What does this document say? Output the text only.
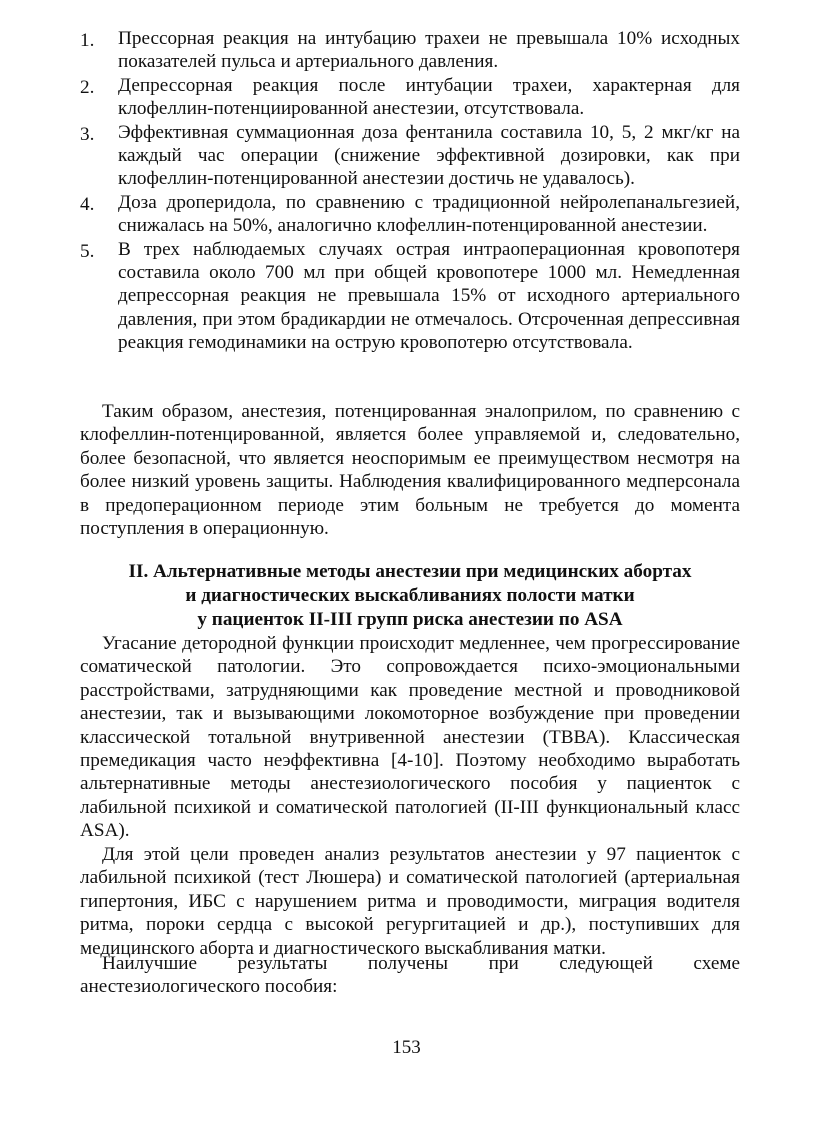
1.	Прессорная реакция на интубацию трахеи не превышала 10% исходных показателей пульса и артериального давления.
2.	Депрессорная реакция после интубации трахеи, характерная для клофеллин-потенциированной анестезии, отсутствовала.
3.	Эффективная суммационная доза фентанила составила 10, 5, 2 мкг/кг на каждый час операции (снижение эффективной дозировки, как при клофеллин-потенцированной анестезии достичь не удавалось).
4.	Доза дроперидола, по сравнению с традиционной нейролепанальгезией, снижалась на 50%, аналогично клофеллин-потенцированной анестезии.
5.	В трех наблюдаемых случаях острая интраоперационная кровопотеря составила около 700 мл при общей кровопотере 1000 мл. Немедленная депрессорная реакция не превышала 15% от исходного артериального давления, при этом брадикардии не отмечалось. Отсроченная депрессивная реакция гемодинамики на острую кровопотерю отсутствовала.

Таким образом, анестезия, потенцированная эналоприлом, по сравнению с клофеллин-потенцированной, является более управляемой и, следовательно, более безопасной, что является неоспоримым ее преимуществом несмотря на более низкий уровень защиты. Наблюдения квалифицированного медперсонала в предоперационном периоде этим больным не требуется до момента поступления в операционную.

II. Альтернативные методы анестезии при медицинских абортах
и диагностических выскабливаниях полости матки
у пациенток II-III групп риска анестезии по ASA

Угасание детородной функции происходит медленнее, чем прогрессирование соматической патологии. Это сопровождается психо-эмоциональными расстройствами, затрудняющими как проведение местной и проводниковой анестезии, так и вызывающими локомоторное возбуждение при проведении классической тотальной внутривенной анестезии (ТВВА). Классическая премедикация часто неэффективна [4-10]. Поэтому необходимо выработать альтернативные методы анестезиологического пособия у пациенток с лабильной психикой и соматической патологией (II-III функциональный класс ASA).

Для этой цели проведен анализ результатов анестезии у 97 пациенток с лабильной психикой (тест Люшера) и соматической патологией (артериальная гипертония, ИБС с нарушением ритма и проводимости, миграция водителя ритма, пороки сердца с высокой регургитацией и др.), поступивших для медицинского аборта и диагностического выскабливания матки.

Наилучшие результаты получены при следующей схеме анестезиологического пособия:

153
